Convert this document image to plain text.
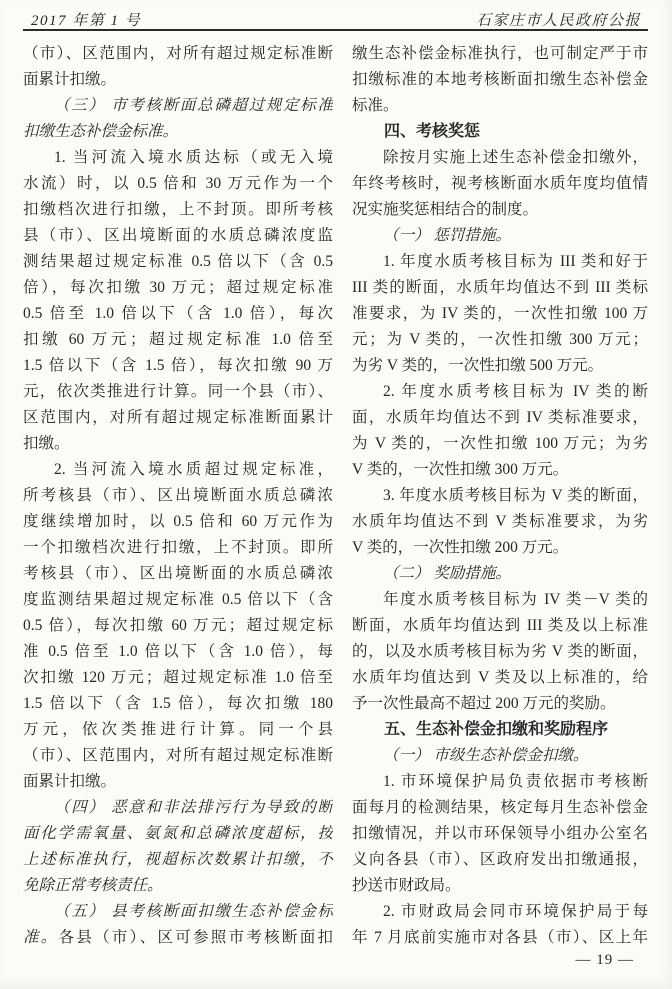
2017 年第 1 号	石家庄市人民政府公报
（市）、区范围内，对所有超过规定标准断
面累计扣缴。
（三） 市考核断面总磷超过规定标准
扣缴生态补偿金标准。
1. 当河流入境水质达标（或无入境
水流）时，以 0.5 倍和 30 万元作为一个
扣缴档次进行扣缴，上不封顶。即所考核
县（市）、区出境断面的水质总磷浓度监
测结果超过规定标准 0.5 倍以下（含 0.5
倍），每次扣缴 30 万元；超过规定标准
0.5 倍至 1.0 倍以下（含 1.0 倍），每次
扣缴 60 万元；超过规定标准 1.0 倍至
1.5 倍以下（含 1.5 倍），每次扣缴 90 万
元，依次类推进行计算。同一个县（市）、
区范围内，对所有超过规定标准断面累计
扣缴。
2. 当河流入境水质超过规定标准，
所考核县（市）、区出境断面水质总磷浓
度继续增加时，以 0.5 倍和 60 万元作为
一个扣缴档次进行扣缴，上不封顶。即所
考核县（市）、区出境断面的水质总磷浓
度监测结果超过规定标准 0.5 倍以下（含
0.5 倍），每次扣缴 60 万元；超过规定标
准 0.5 倍至 1.0 倍以下（含 1.0 倍），每
次扣缴 120 万元；超过规定标准 1.0 倍至
1.5 倍以下（含 1.5 倍），每次扣缴 180
万元，依次类推进行计算。同一个县
（市）、区范围内，对所有超过规定标准断
面累计扣缴。
（四） 恶意和非法排污行为导致的断
面化学需氧量、氨氮和总磷浓度超标，按
上述标准执行，视超标次数累计扣缴，不
免除正常考核责任。
（五） 县考核断面扣缴生态补偿金标
准。各县（市）、区可参照市考核断面扣
缴生态补偿金标准执行，也可制定严于市
扣缴标准的本地考核断面扣缴生态补偿金
标准。
四、考核奖惩
除按月实施上述生态补偿金扣缴外，
年终考核时，视考核断面水质年度均值情
况实施奖惩相结合的制度。
（一） 惩罚措施。
1. 年度水质考核目标为 III 类和好于
III 类的断面，水质年均值达不到 III 类标
准要求，为 IV 类的，一次性扣缴 100 万
元；为 V 类的，一次性扣缴 300 万元；
为劣 V 类的，一次性扣缴 500 万元。
2. 年度水质考核目标为 IV 类的断
面，水质年均值达不到 IV 类标准要求，
为 V 类的，一次性扣缴 100 万元；为劣
V 类的，一次性扣缴 300 万元。
3. 年度水质考核目标为 V 类的断面，
水质年均值达不到 V 类标准要求，为劣
V 类的，一次性扣缴 200 万元。
（二） 奖励措施。
年度水质考核目标为 IV 类－V 类的
断面，水质年均值达到 III 类及以上标准
的，以及水质考核目标为劣 V 类的断面，
水质年均值达到 V 类及以上标准的，给
予一次性最高不超过 200 万元的奖励。
五、生态补偿金扣缴和奖励程序
（一） 市级生态补偿金扣缴。
1. 市环境保护局负责依据市考核断
面每月的检测结果，核定每月生态补偿金
扣缴情况，并以市环保领导小组办公室名
义向各县（市）、区政府发出扣缴通报，
抄送市财政局。
2. 市财政局会同市环境保护局于每
年 7 月底前实施市对各县（市）、区上年
— 19 —
